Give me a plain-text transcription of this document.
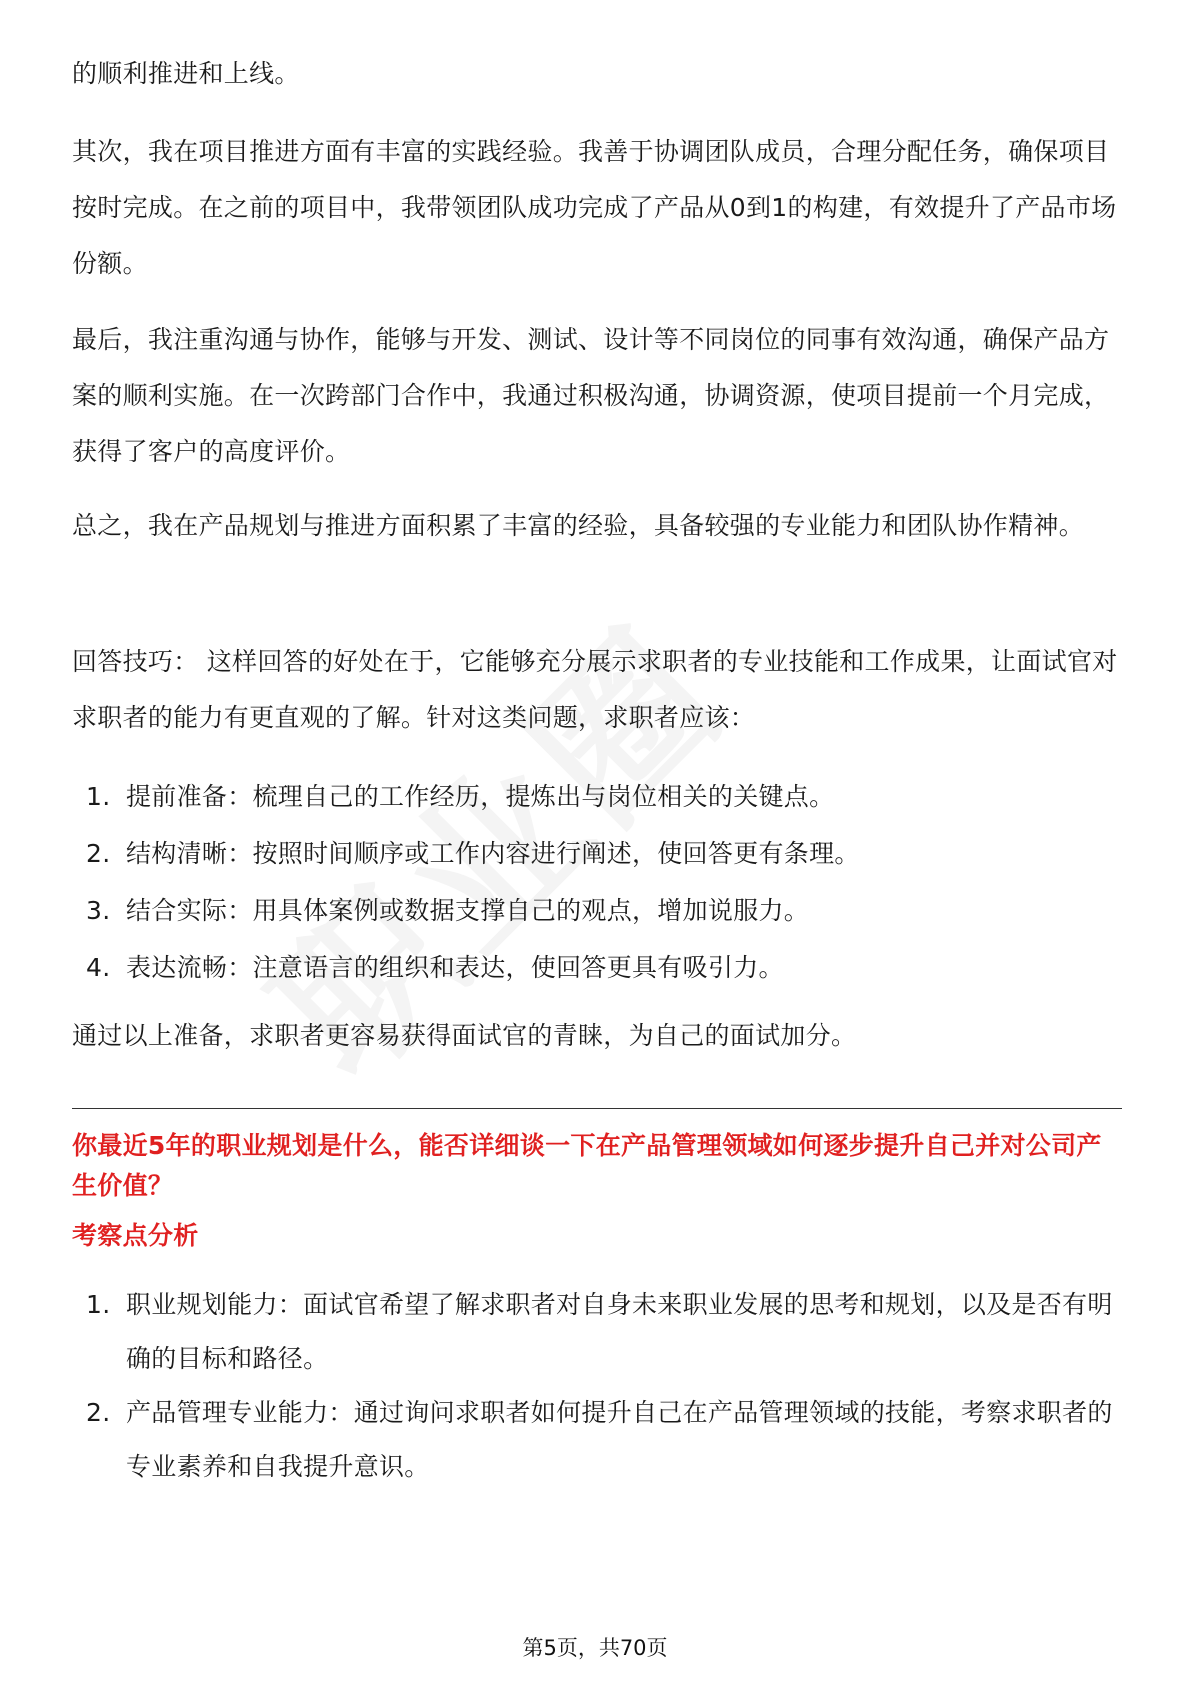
的顺利推进和上线。

其次，我在项目推进方面有丰富的实践经验。我善于协调团队成员，合理分配任务，确保项目按时完成。在之前的项目中，我带领团队成功完成了产品从0到1的构建，有效提升了产品市场份额。

最后，我注重沟通与协作，能够与开发、测试、设计等不同岗位的同事有效沟通，确保产品方案的顺利实施。在一次跨部门合作中，我通过积极沟通，协调资源，使项目提前一个月完成，获得了客户的高度评价。

总之，我在产品规划与推进方面积累了丰富的经验，具备较强的专业能力和团队协作精神。

回答技巧： 这样回答的好处在于，它能够充分展示求职者的专业技能和工作成果，让面试官对求职者的能力有更直观的了解。针对这类问题，求职者应该：

1. 提前准备：梳理自己的工作经历，提炼出与岗位相关的关键点。
2. 结构清晰：按照时间顺序或工作内容进行阐述，使回答更有条理。
3. 结合实际：用具体案例或数据支撑自己的观点，增加说服力。
4. 表达流畅：注意语言的组织和表达，使回答更具有吸引力。

通过以上准备，求职者更容易获得面试官的青睐，为自己的面试加分。

你最近5年的职业规划是什么，能否详细谈一下在产品管理领域如何逐步提升自己并对公司产生价值？
考察点分析
1. 职业规划能力：面试官希望了解求职者对自身未来职业发展的思考和规划，以及是否有明确的目标和路径。
2. 产品管理专业能力：通过询问求职者如何提升自己在产品管理领域的技能，考察求职者的专业素养和自我提升意识。
第5页，共70页
